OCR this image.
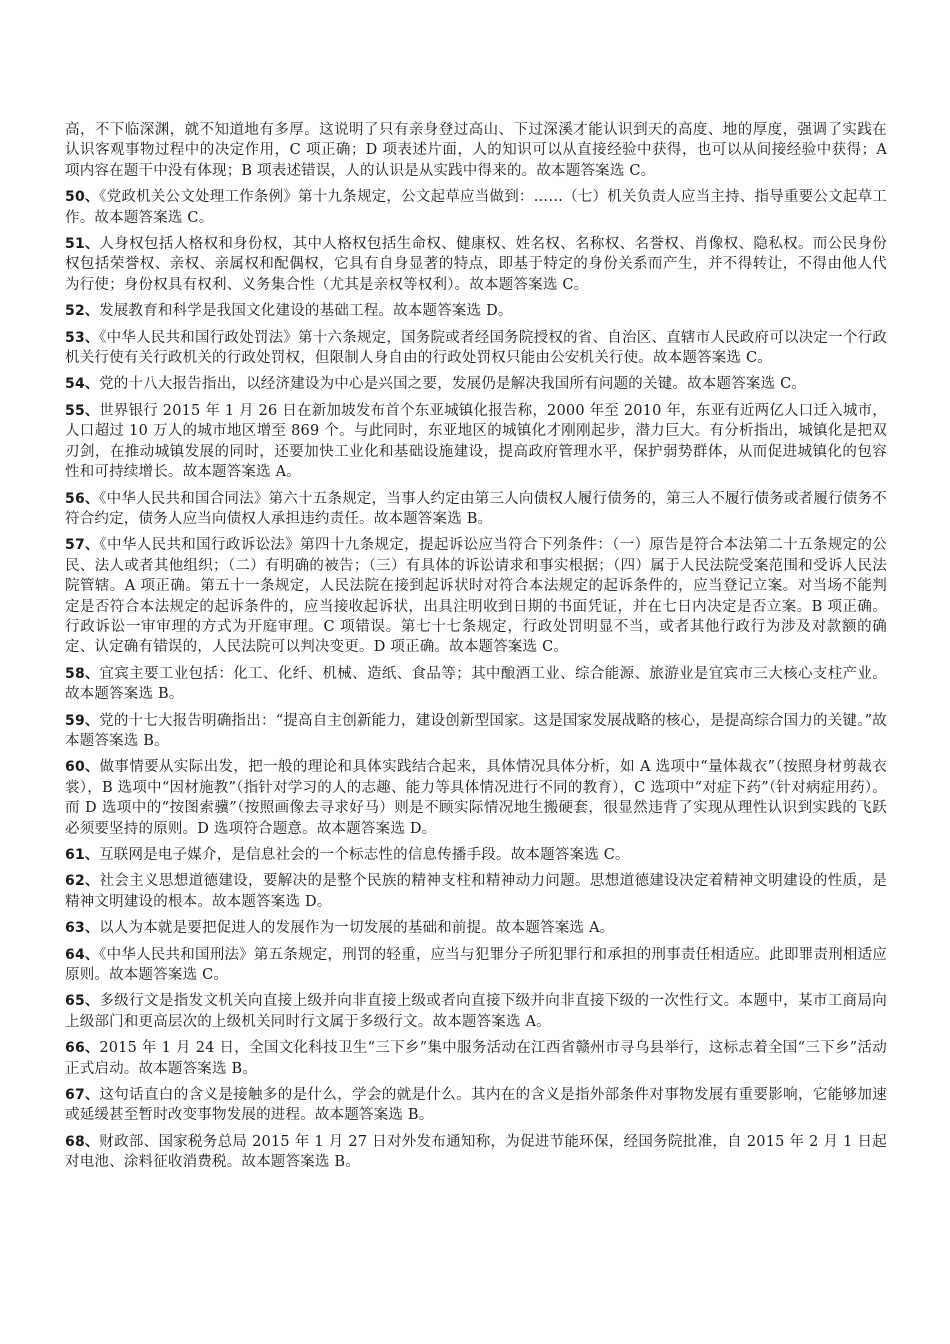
高，不下临深渊，就不知道地有多厚。这说明了只有亲身登过高山、下过深溪才能认识到天的高度、地的厚度，强调了实践在认识客观事物过程中的决定作用，C 项正确；D 项表述片面，人的知识可以从直接经验中获得，也可以从间接经验中获得；A 项内容在题干中没有体现；B 项表述错误，人的认识是从实践中得来的。故本题答案选 C。

50、《党政机关公文处理工作条例》第十九条规定，公文起草应当做到：……（七）机关负责人应当主持、指导重要公文起草工作。故本题答案选 C。

51、人身权包括人格权和身份权，其中人格权包括生命权、健康权、姓名权、名称权、名誉权、肖像权、隐私权。而公民身份权包括荣誉权、亲权、亲属权和配偶权，它具有自身显著的特点，即基于特定的身份关系而产生，并不得转让，不得由他人代为行使；身份权具有权利、义务集合性（尤其是亲权等权利）。故本题答案选 C。

52、发展教育和科学是我国文化建设的基础工程。故本题答案选 D。

53、《中华人民共和国行政处罚法》第十六条规定，国务院或者经国务院授权的省、自治区、直辖市人民政府可以决定一个行政机关行使有关行政机关的行政处罚权，但限制人身自由的行政处罚权只能由公安机关行使。故本题答案选 C。

54、党的十八大报告指出，以经济建设为中心是兴国之要，发展仍是解决我国所有问题的关键。故本题答案选 C。

55、世界银行 2015 年 1 月 26 日在新加坡发布首个东亚城镇化报告称，2000 年至 2010 年，东亚有近两亿人口迁入城市，人口超过 10 万人的城市地区增至 869 个。与此同时，东亚地区的城镇化才刚刚起步，潜力巨大。有分析指出，城镇化是把双刃剑，在推动城镇发展的同时，还要加快工业化和基础设施建设，提高政府管理水平，保护弱势群体，从而促进城镇化的包容性和可持续增长。故本题答案选 A。

56、《中华人民共和国合同法》第六十五条规定，当事人约定由第三人向债权人履行债务的，第三人不履行债务或者履行债务不符合约定，债务人应当向债权人承担违约责任。故本题答案选 B。

57、《中华人民共和国行政诉讼法》第四十九条规定，提起诉讼应当符合下列条件：（一）原告是符合本法第二十五条规定的公民、法人或者其他组织；（二）有明确的被告；（三）有具体的诉讼请求和事实根据；（四）属于人民法院受案范围和受诉人民法院管辖。A 项正确。第五十一条规定，人民法院在接到起诉状时对符合本法规定的起诉条件的，应当登记立案。对当场不能判定是否符合本法规定的起诉条件的，应当接收起诉状，出具注明收到日期的书面凭证，并在七日内决定是否立案。B 项正确。行政诉讼一审审理的方式为开庭审理。C 项错误。第七十七条规定，行政处罚明显不当，或者其他行政行为涉及对款额的确定、认定确有错误的，人民法院可以判决变更。D 项正确。故本题答案选 C。

58、宜宾主要工业包括：化工、化纤、机械、造纸、食品等；其中酿酒工业、综合能源、旅游业是宜宾市三大核心支柱产业。故本题答案选 B。

59、党的十七大报告明确指出：“提高自主创新能力，建设创新型国家。这是国家发展战略的核心，是提高综合国力的关键。”故本题答案选 B。

60、做事情要从实际出发，把一般的理论和具体实践结合起来，具体情况具体分析，如 A 选项中“量体裁衣”（按照身材剪裁衣裳），B 选项中“因材施教”（指针对学习的人的志趣、能力等具体情况进行不同的教育），C 选项中“对症下药”（针对病症用药）。而 D 选项中的“按图索骥”（按照画像去寻求好马）则是不顾实际情况地生搬硬套，很显然违背了实现从理性认识到实践的飞跃必须要坚持的原则。D 选项符合题意。故本题答案选 D。

61、互联网是电子媒介，是信息社会的一个标志性的信息传播手段。故本题答案选 C。

62、社会主义思想道德建设，要解决的是整个民族的精神支柱和精神动力问题。思想道德建设决定着精神文明建设的性质，是精神文明建设的根本。故本题答案选 D。

63、以人为本就是要把促进人的发展作为一切发展的基础和前提。故本题答案选 A。

64、《中华人民共和国刑法》第五条规定，刑罚的轻重，应当与犯罪分子所犯罪行和承担的刑事责任相适应。此即罪责刑相适应原则。故本题答案选 C。

65、多级行文是指发文机关向直接上级并向非直接上级或者向直接下级并向非直接下级的一次性行文。本题中，某市工商局向上级部门和更高层次的上级机关同时行文属于多级行文。故本题答案选 A。

66、2015 年 1 月 24 日，全国文化科技卫生“三下乡”集中服务活动在江西省赣州市寻乌县举行，这标志着全国“三下乡”活动正式启动。故本题答案选 B。

67、这句话直白的含义是接触多的是什么，学会的就是什么。其内在的含义是指外部条件对事物发展有重要影响，它能够加速或延缓甚至暂时改变事物发展的进程。故本题答案选 B。

68、财政部、国家税务总局 2015 年 1 月 27 日对外发布通知称，为促进节能环保，经国务院批准，自 2015 年 2 月 1 日起对电池、涂料征收消费税。故本题答案选 B。
